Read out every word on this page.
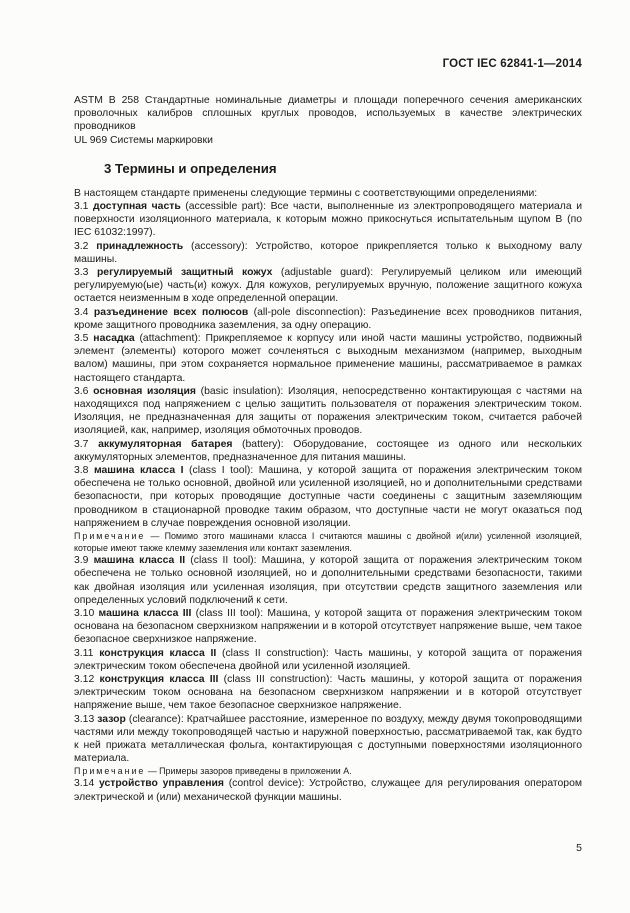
ГОСТ IEC 62841-1—2014

ASTM B 258 Стандартные номинальные диаметры и площади поперечного сечения американских проволочных калибров сплошных круглых проводов, используемых в качестве электрических проводников

UL 969 Системы маркировки

3 Термины и определения

В настоящем стандарте применены следующие термины с соответствующими определениями:

3.1 доступная часть (accessible part): Все части, выполненные из электропроводящего материала и поверхности изоляционного материала, к которым можно прикоснуться испытательным щупом B (по IEC 61032:1997).

3.2 принадлежность (accessory): Устройство, которое прикрепляется только к выходному валу машины.

3.3 регулируемый защитный кожух (adjustable guard): Регулируемый целиком или имеющий регулируемую(ые) часть(и) кожух. Для кожухов, регулируемых вручную, положение защитного кожуха остается неизменным в ходе определенной операции.

3.4 разъединение всех полюсов (all-pole disconnection): Разъединение всех проводников питания, кроме защитного проводника заземления, за одну операцию.

3.5 насадка (attachment): Прикрепляемое к корпусу или иной части машины устройство, подвижный элемент (элементы) которого может сочленяться с выходным механизмом (например, выходным валом) машины, при этом сохраняется нормальное применение машины, рассматриваемое в рамках настоящего стандарта.

3.6 основная изоляция (basic insulation): Изоляция, непосредственно контактирующая с частями на находящихся под напряжением с целью защитить пользователя от поражения электрическим током. Изоляция, не предназначенная для защиты от поражения электрическим током, считается рабочей изоляцией, как, например, изоляция обмоточных проводов.

3.7 аккумуляторная батарея (battery): Оборудование, состоящее из одного или нескольких аккумуляторных элементов, предназначенное для питания машины.

3.8 машина класса I (class I tool): Машина, у которой защита от поражения электрическим током обеспечена не только основной, двойной или усиленной изоляцией, но и дополнительными средствами безопасности, при которых проводящие доступные части соединены с защитным заземляющим проводником в стационарной проводке таким образом, что доступные части не могут оказаться под напряжением в случае повреждения основной изоляции.

Примечание — Помимо этого машинами класса I считаются машины с двойной и(или) усиленной изоляцией, которые имеют также клемму заземления или контакт заземления.

3.9 машина класса II (class II tool): Машина, у которой защита от поражения электрическим током обеспечена не только основной изоляцией, но и дополнительными средствами безопасности, такими как двойная изоляция или усиленная изоляция, при отсутствии средств защитного заземления или определенных условий подключений к сети.

3.10 машина класса III (class III tool): Машина, у которой защита от поражения электрическим током основана на безопасном сверхнизком напряжении и в которой отсутствует напряжение выше, чем такое безопасное сверхнизкое напряжение.

3.11 конструкция класса II (class II construction): Часть машины, у которой защита от поражения электрическим током обеспечена двойной или усиленной изоляцией.

3.12 конструкция класса III (class III construction): Часть машины, у которой защита от поражения электрическим током основана на безопасном сверхнизком напряжении и в которой отсутствует напряжение выше, чем такое безопасное сверхнизкое напряжение.

3.13 зазор (clearance): Кратчайшее расстояние, измеренное по воздуху, между двумя токопроводящими частями или между токопроводящей частью и наружной поверхностью, рассматриваемой так, как будто к ней прижата металлическая фольга, контактирующая с доступными поверхностями изоляционного материала.

Примечание — Примеры зазоров приведены в приложении А.

3.14 устройство управления (control device): Устройство, служащее для регулирования оператором электрической и (или) механической функции машины.

5
